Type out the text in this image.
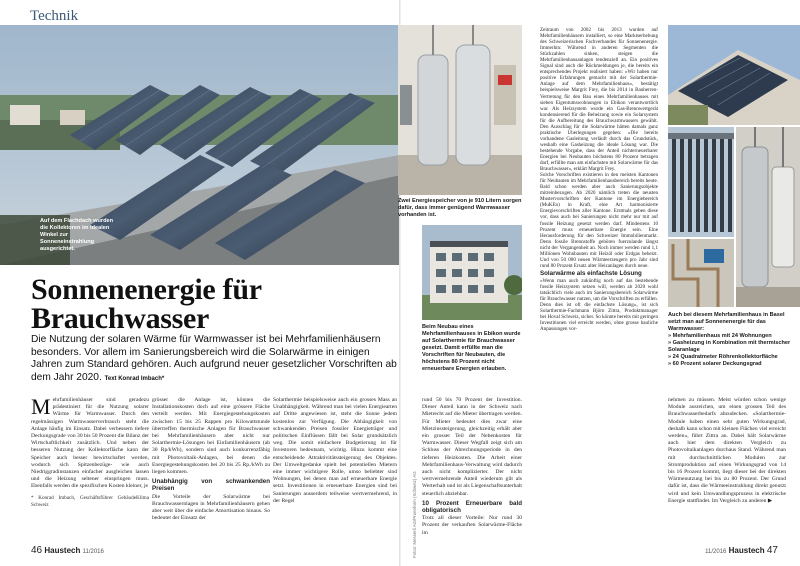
Technik
Auf dem Flachdach wurden die Kollektoren im idealen Winkel zur Sonneneinstrahlung ausgerichtet.
Zwei Energiespeicher von je 910 Litern sorgen dafür, dass immer genügend Warmwasser vorhanden ist.
Beim Neubau eines Mehrfamilienhauses in Ebikon wurde auf Solarthermie für Brauchwasser gesetzt. Damit erfüllte man die Vorschriften für Neubauten, die höchstens 80 Prozent nicht erneuerbare Energien erlauben.
Auch bei diesem Mehrfamilienhaus in Basel setzt man auf Sonnenenergie für das Warmwasser:
» Mehrfamilienhaus mit 24 Wohnungen
» Gasheizung in Kombination mit thermischer Solaranlage
» 24 Quadratmeter Röhrenkollektorfläche
» 60 Prozent solarer Deckungsgrad
Sonnenenergie für
Brauchwasser
Die Nutzung der solaren Wärme für Warmwasser ist bei Mehrfamilienhäusern besonders. Vor allem im Sanierungsbereich wird die Solarwärme in einigen Jahren zum Standard gehören. Auch aufgrund neuer gesetzlicher Vorschriften ab dem Jahr 2020. Text Konrad Imbach*
M ehrfamilienhäuser sind geradezu prädestiniert für die Nutzung solarer Wärme für Warmwasser. Durch den regelmässigen Warmwasserverbrauch steht die Anlage häufig im Einsatz. Dabei verbessern tiefere Deckungsgrade von 30 bis 50 Prozent die Bilanz der Wirtschaftlichkeit zusätzlich. Und neben der besseren Nutzung der Kollektorfläche kann der Speicher auch besser bewirtschaftet werden, wodurch sich Spitzenbezüge- wie auch Niedriggradinstanzen einfacher ausgleichen lassen und die Heizung seltener einspringen muss. Ebenfalls werden die spezifischen Kosten kleiner, je

* Konrad Imbach, Geschäftsführer GebäudeKlima Schweiz

grösser die Anlage ist, können die Installationskosten doch auf eine grössere Fläche verteilt werden. Mit Energiegestehungskosten zwischen 15 bis 25 Rappen pro Kilowattstunde übertreffen thermische Anlagen für Brauchwasser bei Mehrfamilienhäusern aber nicht nur Solarthermie-Lösungen bei Einfamilienhäusern (ab 30 Rp/kWh), sondern sind auch konkurrenzfähig mit Photovoltaik-Anlagen, bei denen die Energiegestehungskosten bei 20 bis 25 Rp./kWh zu liegen kommen.

Unabhängig von schwankenden Preisen

Die Vorteile der Solarwärme bei Brauchwassernlagen in Mehrfamilienhäusern gehen aber weit über die einfache Amortisation hinaus. So bedeutet der Einsatz der

Solarthermie beispielsweise auch ein grosses Mass an Unabhängigkeit. Während man bei vielen Energiearten auf Dritte angewiesen ist, steht die Sonne jedem kostenlos zur Verfügung. Die Abhängigkeit von schwankenden Preisen fossiler Energieträger und politischen Einflüssen fällt bei Solar grundsätzlich weg. Die somit einfachere Budgetierung ist für Investoren bedeutsam, wichtig. Hinzu kommt eine entscheidende Attraktivitätssteigerung des Objektes. Der Umweltgedanke spielt bei potentiellen Mietern eine immer wichtigere Rolle, umso beliebter sind Wohnungen, bei denen man auf erneuerbare Energie setzt. Investitionen in erneuerbare Energien sind bei Sanierungen ausserdem teilweise wertvermehrend, in der Regel	Fotos: Messerli AG/Proenform (Schweiz) AG

rund 50 bis 70 Prozent der Investition. Dieser Anteil kann in der Schweiz nach Mietrecht auf die Mieter übertragen werden. Für Mieter bedeutet dies zwar eine Mietzinssteigerung, gleichzeitig erhält aber ein grosser Teil der Nebenkosten für Warmwasser. Dieser Wegfall zeigt sich am Schluss der Abrechnungsperiode in den tieferen Heizkosten. Die Arbeit einer Mehrfamilienhaus-Verwaltung wird dadurch auch nicht komplizierter. Der nicht wertvermehrende Anteil wiederum gilt als Werterhalt und ist als Liegenschaftsunterhalt steuerlich abziehbar.

10 Prozent Erneuerbare bald obligatorisch

Trotz all dieser Vorteile: Nur rund 30 Prozent der verkauften Solarwärme-Fläche im

Zeitraum von 2002 bis 2013 wurden auf Mehrfamilienhäusern installiert, so eine Marktserhebung des Schweizerischen Fachverbandes für Sonnenenergie. Immerhin: Während in anderen Segmenten die Stückzahlen sinken, steigen die Mehrfamilienhausanlagen tendenziell an. Ein positives Signal sind auch die Rückmeldungen je, die bereits ein entsprechendes Projekt realisiert haben: «Wir haben nur positive Erfahrungen gemacht mit der Solarthermie-Anlage auf dem Mehrfamilienhaus», bestätigt beispielsweise Margrit Frey, die bis 2014 in Bauherren-Vertretung für den Bau eines Mehrfamilienhauses mit sieben Eigentumswohnungen in Ebikon verantwortlich war. Als Heizsystem wurde ein Gas-Brennwertgerät kondensierend für die Beheizung sowie ein Solarsystem für die Aufbereitung des Brauchwarmwassers gewählt. Den Ausschlag für die Solarwärme hätten damals ganz praktische Überlegungen gegeben: «Die bereits vorhandene Gasleitung verläuft durch das Grundstück, weshalb eine Gasheizung die ideale Lösung war. Die bestehende Vorgabe, dass der Anteil nichterneuerbarer Energien bei Neubauten höchstens 80 Prozent betragen darf, erfüllte man am einfachsten mit Solarwärme für das Brauchwasser», erklärt Margrit Frey.

Solche Vorschriften existieren in den meisten Kantonen für Neubauten im Mehrfamilienhausbereich bereits heute. Bald schon werden aber auch Sanierungsobjekte mitreinbezogen. Ab 2020 nämlich treten die neusten Mustervorschriften der Kantone im Energiebereich (MuKEn) in Kraft, eine Art harmonisierte Energievorschriften aller Kantone. Erstmals geben diese vor, dass auch bei Sanierungen nicht mehr nur mit auf fossile Heizung gesetzt werden darf. Mindestens 10 Prozent muss erneuerbare Energie sein. Eine Herausforderung für den Schweizer Immobilienmarkt. Denn fossile Brennstoffe gehören fuerzulande längst nicht der Vergangenheit an. Noch immer werden rund 1,1 Millionen Wohnbauten mit Heizöl oder Erdgas beheizt. Und von 50 000 neuen Wärmeerzeugern pro Jahr sind rund 80 Prozent Ersatz alter Heizanlagen durch neue.

Solarwärme als einfachste Lösung

«Wenn man auch zukünftig noch auf das bestehende fossile Heizsystem setzen will, werden ab 2020 wohl tatsächlich viele auch im Sanierungsbereich Solarwärme für Brauchwasser nutzen, um die Vorschriften zu erfüllen. Denn dies ist oft die einfachste Lösung», ist sich Solarthermie-Fachmann Björn Zittra, Produktmanager bei Hoval Schweiz, sicher. So könnte bereits mit geringen Investitionen viel erreicht werden, ohne grosse bauliche Anpassungen vor-

nehmen zu müssen. Meist würden schon wenige Module ausreichen, um einen grossen Teil des Brauchwasserbedarfs abzudecken. «Solarthermie-Module haben einen sehr guten Wirkungsgrad, deshalb kann schon mit kleinen Flächen viel erreicht werden», führt Zittra an. Dabei hält Solarwärme auch hier dem direkten Vergleich zu Photovoltaikanlagen durchaus Stand. Während man mit durchschnittlichen Modulen zur Stromproduktion auf einen Wirkungsgrad von 14 bis 16 Prozent kommt, liegt dieser bei der direkten Wärmenutzung bei bis zu 80 Prozent. Der Grund dafür ist, dass die Wärmeeinstrahlung direkt genutzt wird und kein Umwandlungsprozess in elektrische Energie stattfindet. Im Vergleich zu anderen ▶

46 Haustech 11/2016	11/2016 Haustech 47
